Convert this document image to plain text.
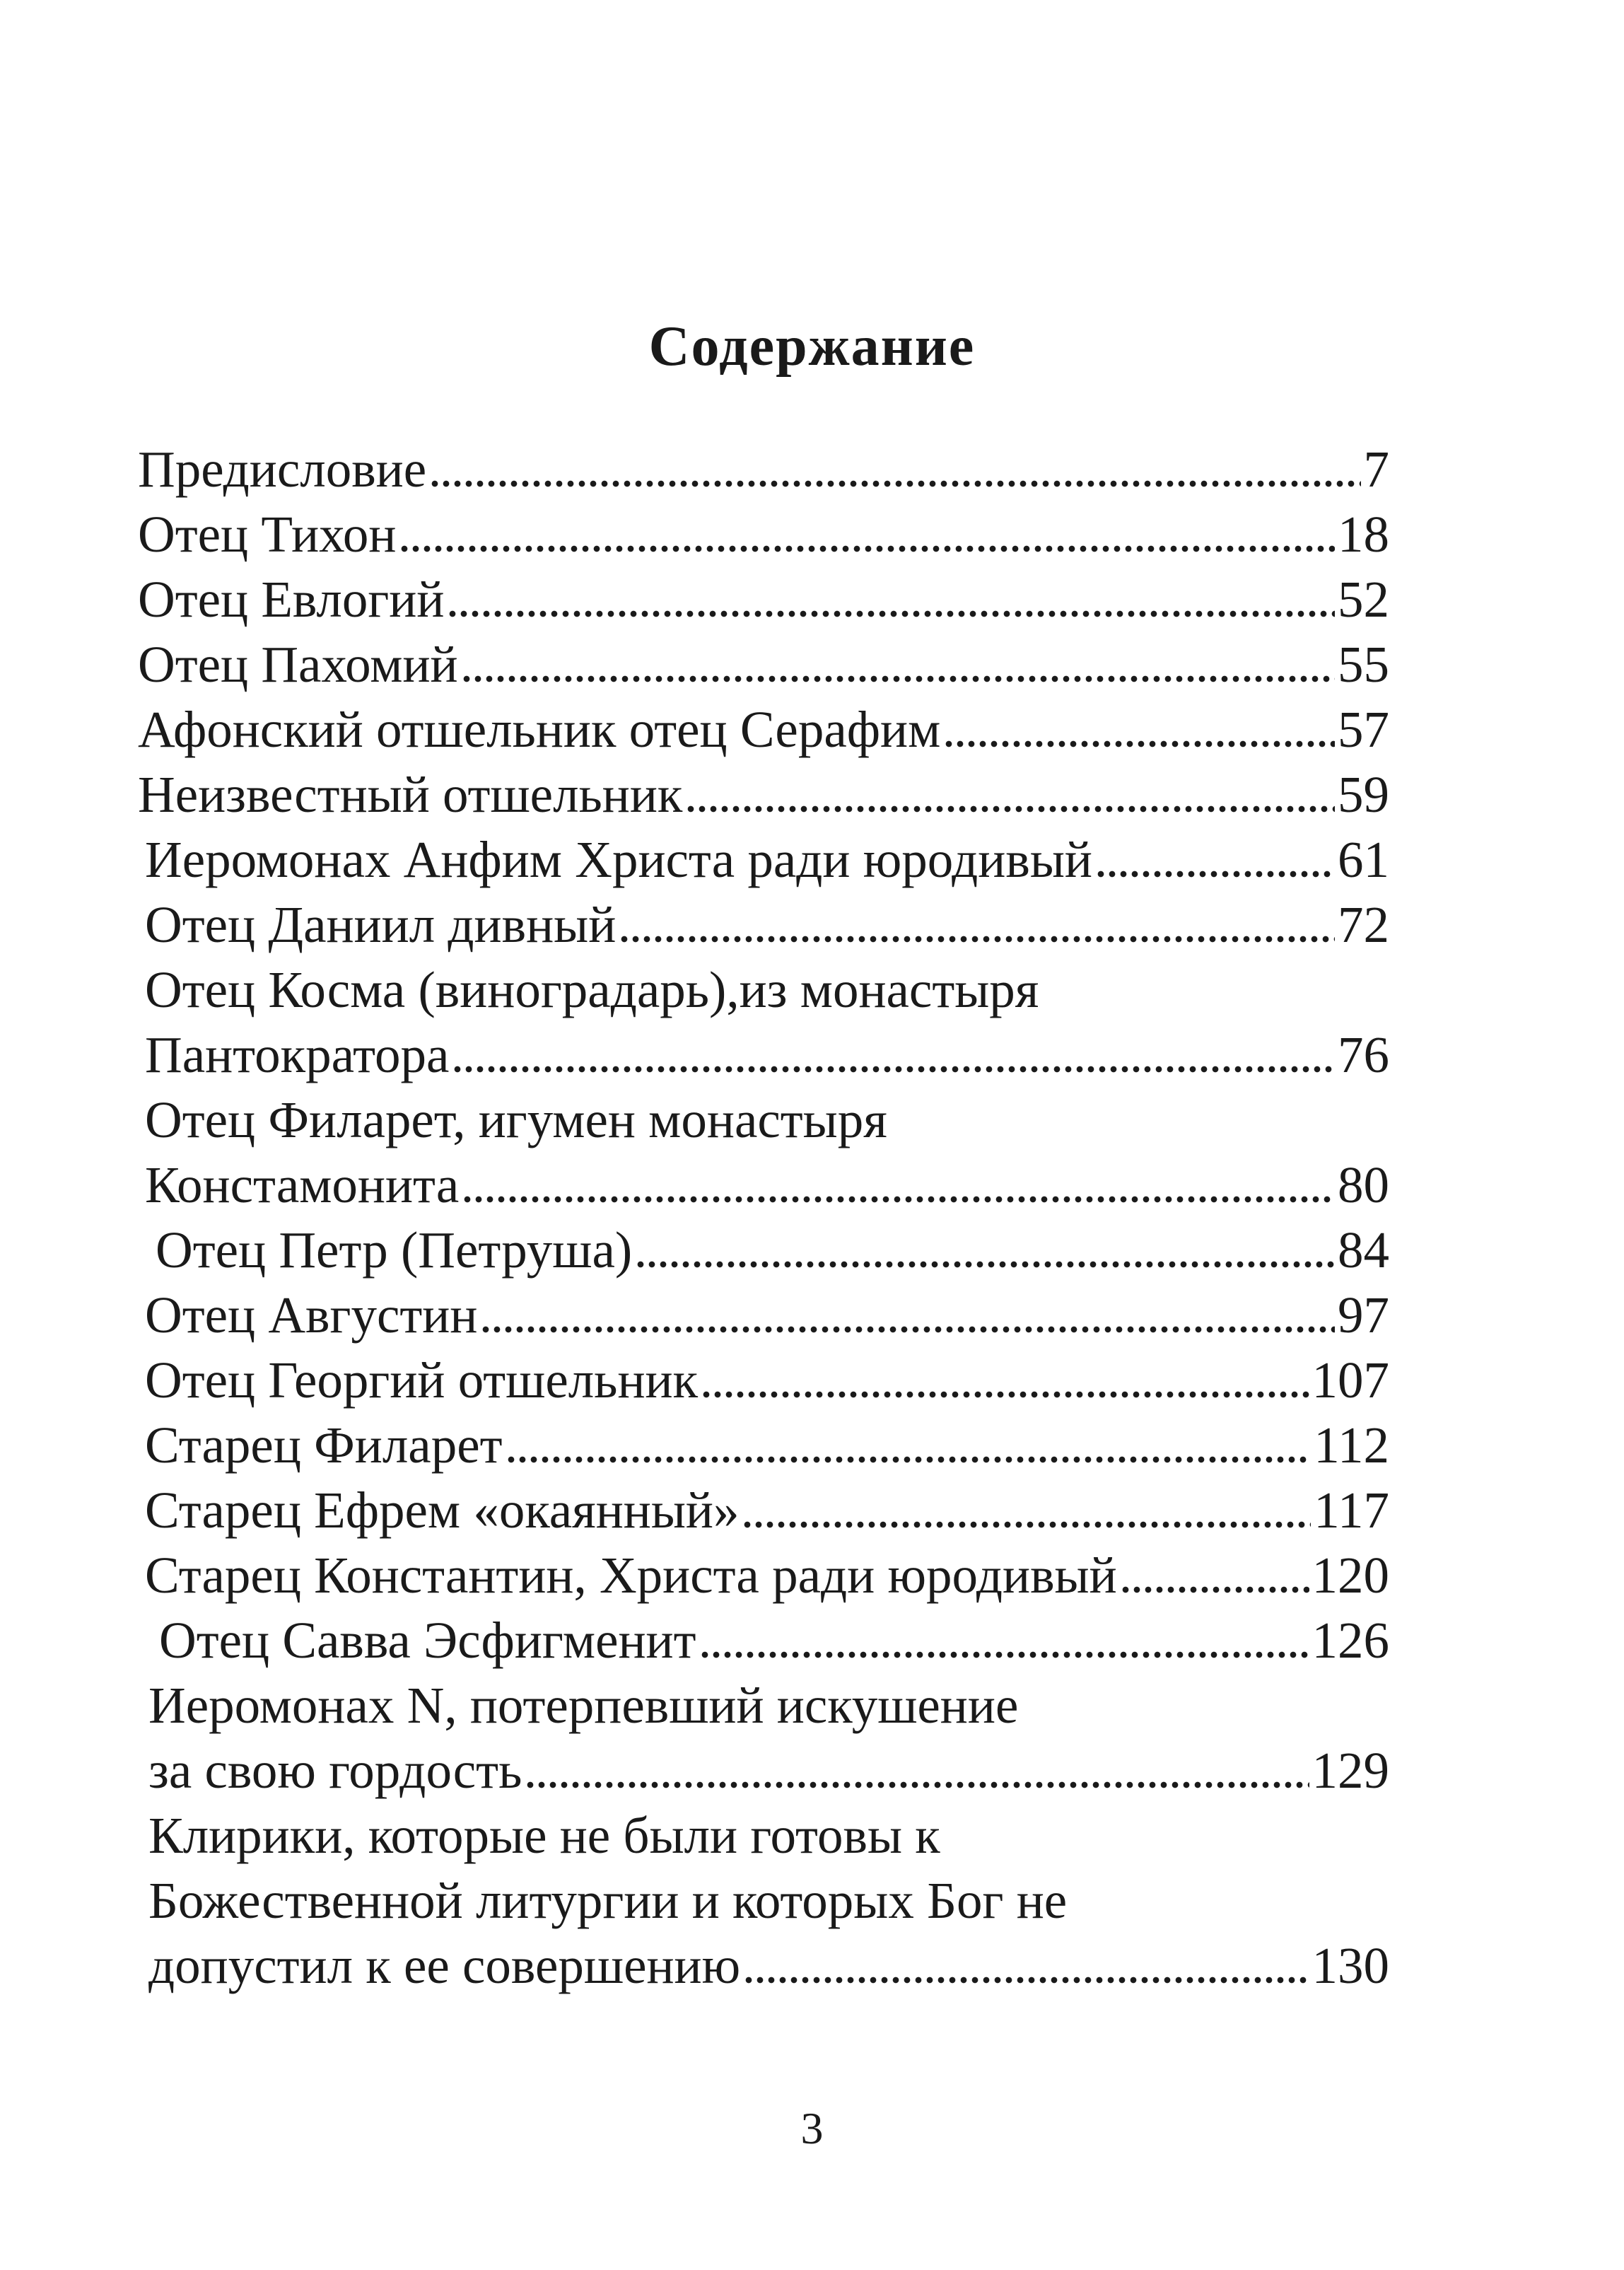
Содержание
Предисловие	7
Отец Тихон	18
Отец Евлогий	52
Отец Пахомий	55
Афонский отшельник отец Серафим	57
Неизвестный отшельник	59
Иеромонах Анфим Христа ради юродивый	61
Отец Даниил дивный	72
Отец Косма (виноградарь),из монастыря
Пантократора	76
Отец Филарет, игумен монастыря
Констамонита	80
Отец Петр (Петруша)	84
Отец Августин	97
Отец Георгий отшельник	107
Старец Филарет	112
Старец Ефрем «окаянный»	117
Старец Константин, Христа ради юродивый	120
Отец Савва Эсфигменит	126
Иеромонах N, потерпевший искушение
за свою гордость	129
Клирики, которые не были готовы к
Божественной литургии и которых Бог не
допустил к ее совершению	130
3
